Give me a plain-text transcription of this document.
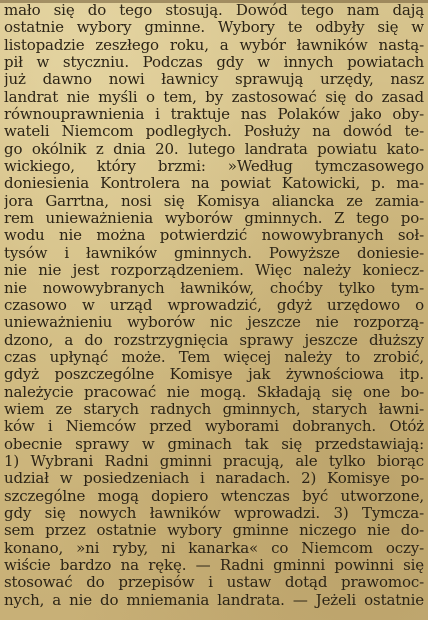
mało się do tego stosują. Dowód tego nam dają
ostatnie wybory gminne. Wybory te odbyły się w
listopadzie zeszłego roku, a wybór ławników nastą-
pił w styczniu. Podczas gdy w innych powiatach
już dawno nowi ławnicy sprawują urzędy, nasz
landrat nie myśli o tem, by zastosować się do zasad
równouprawnienia i traktuje nas Polaków jako oby-
wateli Niemcom podległych. Posłuży na dowód te-
go okólnik z dnia 20. lutego landrata powiatu kato-
wickiego, który brzmi: »Według tymczasowego
doniesienia Kontrolera na powiat Katowicki, p. ma-
jora Garrtna, nosi się Komisya aliancka ze zamia-
rem unieważnienia wyborów gminnych. Z tego po-
wodu nie można potwierdzić nowowybranych soł-
tysów i ławników gminnych. Powyższe doniesie-
nie nie jest rozporządzeniem. Więc należy koniecz-
nie nowowybranych ławników, choćby tylko tym-
czasowo w urząd wprowadzić, gdyż urzędowo o
unieważnieniu wyborów nic jeszcze nie rozporzą-
dzono, a do rozstrzygnięcia sprawy jeszcze dłuższy
czas upłynąć może. Tem więcej należy to zrobić,
gdyż poszczególne Komisye jak żywnościowa itp.
należycie pracować nie mogą. Składają się one bo-
wiem ze starych radnych gminnych, starych ławni-
ków i Niemców przed wyborami dobranych. Otóż
obecnie sprawy w gminach tak się przedstawiają:
1) Wybrani Radni gminni pracują, ale tylko biorąc
udział w posiedzeniach i naradach. 2) Komisye po-
szczególne mogą dopiero wtenczas być utworzone,
gdy się nowych ławników wprowadzi. 3) Tymcza-
sem przez ostatnie wybory gminne niczego nie do-
konano, »ni ryby, ni kanarka« co Niemcom oczy-
wiście bardzo na rękę. — Radni gminni powinni się
stosować do przepisów i ustaw dotąd prawomoc-
nych, a nie do mniemania landrata. — Jeżeli ostatnie
